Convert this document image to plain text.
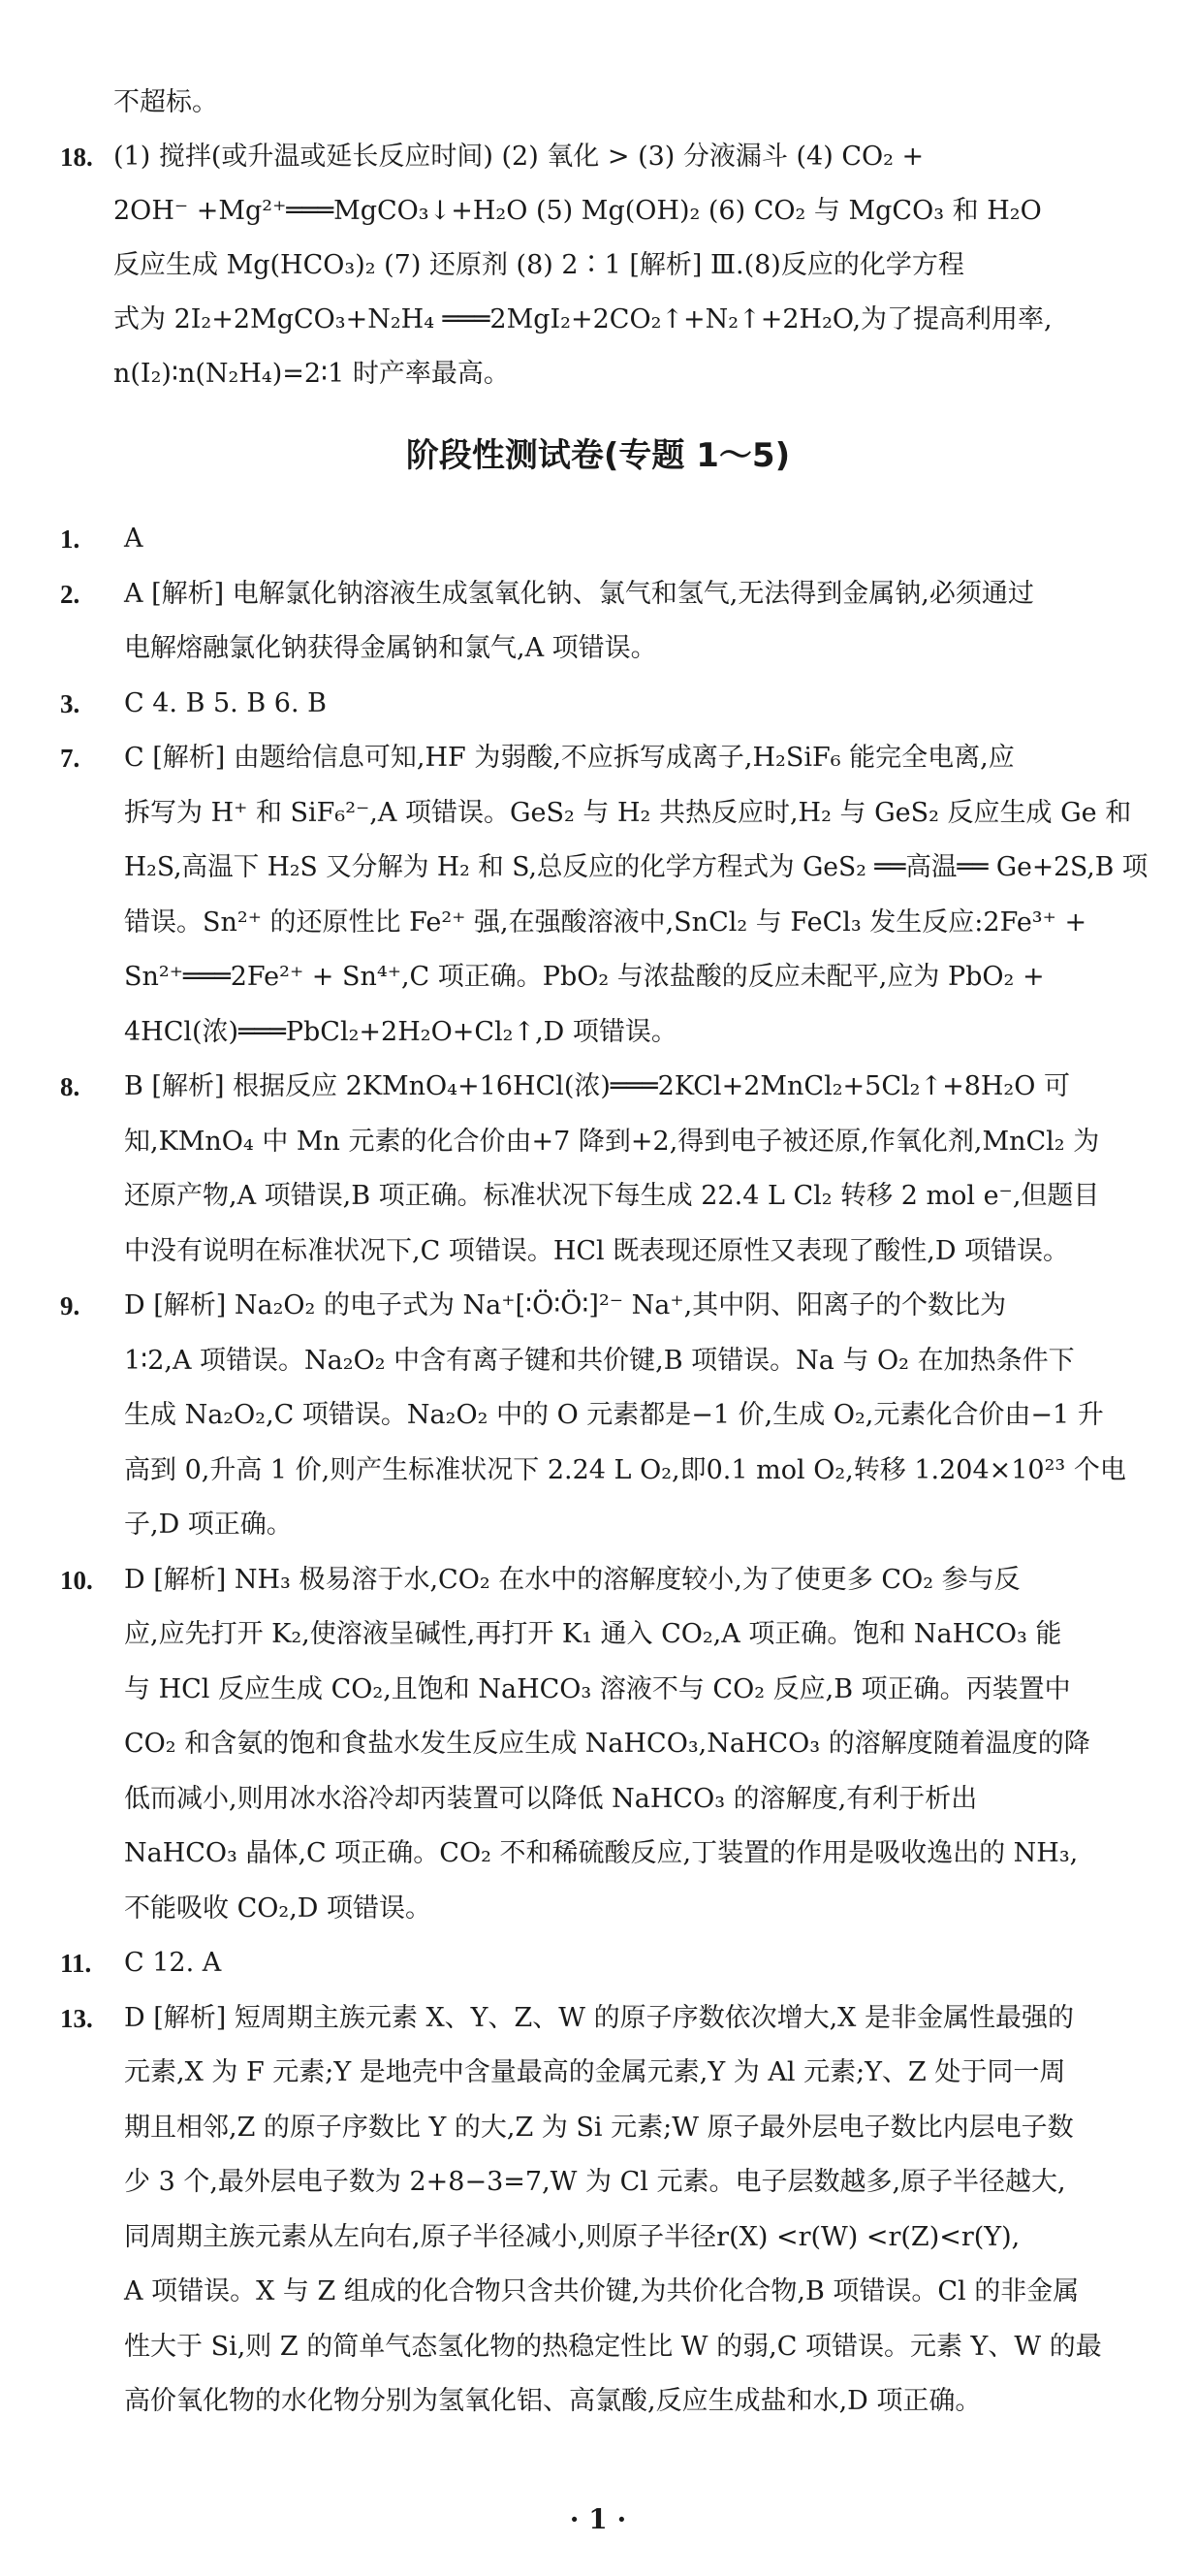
不超标。
18. (1) 搅拌(或升温或延长反应时间) (2) 氧化 > (3) 分液漏斗 (4) CO₂ +
2OH⁻ +Mg²⁺═══MgCO₃↓+H₂O (5) Mg(OH)₂ (6) CO₂ 与 MgCO₃ 和 H₂O
反应生成 Mg(HCO₃)₂ (7) 还原剂 (8) 2∶1 [解析] Ⅲ.(8)反应的化学方程
式为 2I₂+2MgCO₃+N₂H₄ ═══2MgI₂+2CO₂↑+N₂↑+2H₂O,为了提高利用率,
n(I₂)∶n(N₂H₄)=2∶1 时产率最高。
阶段性测试卷(专题 1～5)
1. A
2. A [解析] 电解氯化钠溶液生成氢氧化钠、氯气和氢气,无法得到金属钠,必须通过
电解熔融氯化钠获得金属钠和氯气,A 项错误。
3. C 4. B 5. B 6. B
7. C [解析] 由题给信息可知,HF 为弱酸,不应拆写成离子,H₂SiF₆ 能完全电离,应
拆写为 H⁺ 和 SiF₆²⁻,A 项错误。GeS₂ 与 H₂ 共热反应时,H₂ 与 GeS₂ 反应生成 Ge 和
H₂S,高温下 H₂S 又分解为 H₂ 和 S,总反应的化学方程式为 GeS₂ ══高温══ Ge+2S,B 项
错误。Sn²⁺ 的还原性比 Fe²⁺ 强,在强酸溶液中,SnCl₂ 与 FeCl₃ 发生反应:2Fe³⁺ +
Sn²⁺═══2Fe²⁺ + Sn⁴⁺,C 项正确。PbO₂ 与浓盐酸的反应未配平,应为 PbO₂ +
4HCl(浓)═══PbCl₂+2H₂O+Cl₂↑,D 项错误。
8. B [解析] 根据反应 2KMnO₄+16HCl(浓)═══2KCl+2MnCl₂+5Cl₂↑+8H₂O 可
知,KMnO₄ 中 Mn 元素的化合价由+7 降到+2,得到电子被还原,作氧化剂,MnCl₂ 为
还原产物,A 项错误,B 项正确。标准状况下每生成 22.4 L Cl₂ 转移 2 mol e⁻,但题目
中没有说明在标准状况下,C 项错误。HCl 既表现还原性又表现了酸性,D 项错误。
9. D [解析] Na₂O₂ 的电子式为 Na⁺[∶Ö∶Ö∶]²⁻ Na⁺,其中阴、阳离子的个数比为
1∶2,A 项错误。Na₂O₂ 中含有离子键和共价键,B 项错误。Na 与 O₂ 在加热条件下
生成 Na₂O₂,C 项错误。Na₂O₂ 中的 O 元素都是−1 价,生成 O₂,元素化合价由−1 升
高到 0,升高 1 价,则产生标准状况下 2.24 L O₂,即0.1 mol O₂,转移 1.204×10²³ 个电
子,D 项正确。
10. D [解析] NH₃ 极易溶于水,CO₂ 在水中的溶解度较小,为了使更多 CO₂ 参与反
应,应先打开 K₂,使溶液呈碱性,再打开 K₁ 通入 CO₂,A 项正确。饱和 NaHCO₃ 能
与 HCl 反应生成 CO₂,且饱和 NaHCO₃ 溶液不与 CO₂ 反应,B 项正确。丙装置中
CO₂ 和含氨的饱和食盐水发生反应生成 NaHCO₃,NaHCO₃ 的溶解度随着温度的降
低而减小,则用冰水浴冷却丙装置可以降低 NaHCO₃ 的溶解度,有利于析出
NaHCO₃ 晶体,C 项正确。CO₂ 不和稀硫酸反应,丁装置的作用是吸收逸出的 NH₃,
不能吸收 CO₂,D 项错误。
11. C 12. A
13. D [解析] 短周期主族元素 X、Y、Z、W 的原子序数依次增大,X 是非金属性最强的
元素,X 为 F 元素;Y 是地壳中含量最高的金属元素,Y 为 Al 元素;Y、Z 处于同一周
期且相邻,Z 的原子序数比 Y 的大,Z 为 Si 元素;W 原子最外层电子数比内层电子数
少 3 个,最外层电子数为 2+8−3=7,W 为 Cl 元素。电子层数越多,原子半径越大,
同周期主族元素从左向右,原子半径减小,则原子半径r(X) <r(W) <r(Z)<r(Y),
A 项错误。X 与 Z 组成的化合物只含共价键,为共价化合物,B 项错误。Cl 的非金属
性大于 Si,则 Z 的简单气态氢化物的热稳定性比 W 的弱,C 项错误。元素 Y、W 的最
高价氧化物的水化物分别为氢氧化铝、高氯酸,反应生成盐和水,D 项正确。
· 1 ·
